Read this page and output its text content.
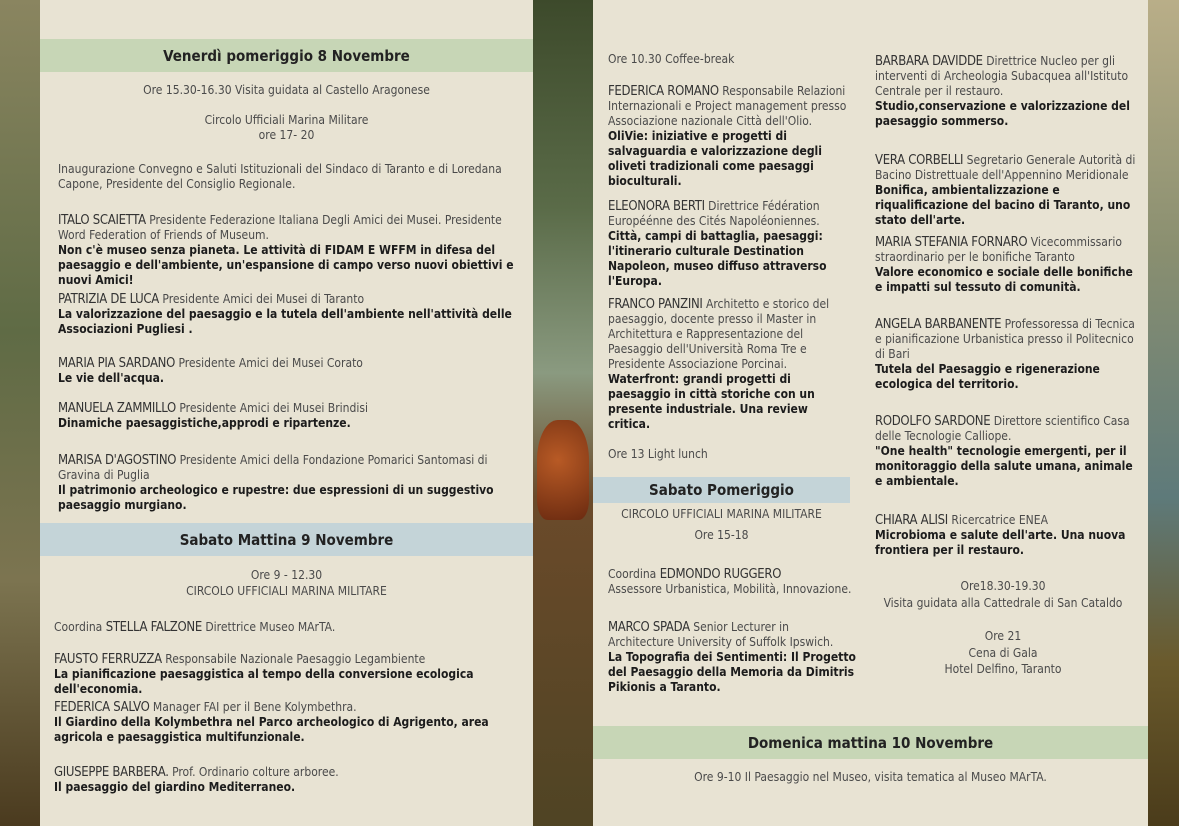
Venerdì pomeriggio 8 Novembre
Ore 15.30-16.30 Visita guidata al Castello Aragonese
Circolo Ufficiali Marina Militare
ore 17- 20
Inaugurazione Convegno e Saluti Istituzionali del Sindaco di Taranto e di Loredana Capone, Presidente del Consiglio Regionale.
ITALO SCAIETTA Presidente Federazione Italiana Degli Amici dei Musei. Presidente Word Federation of Friends of Museum.
Non c'è museo senza pianeta. Le attività di FIDAM E WFFM in difesa del paesaggio e dell'ambiente, un'espansione di campo verso nuovi obiettivi e nuovi Amici!
PATRIZIA DE LUCA Presidente Amici dei Musei di Taranto
La valorizzazione del paesaggio e la tutela dell'ambiente nell'attività delle Associazioni Pugliesi .
MARIA PIA SARDANO Presidente Amici dei Musei Corato
Le vie dell'acqua.
MANUELA ZAMMILLO Presidente Amici dei Musei Brindisi
Dinamiche paesaggistiche,approdi e ripartenze.
MARISA D'AGOSTINO Presidente Amici della Fondazione Pomarici Santomasi di Gravina di Puglia
Il patrimonio archeologico e rupestre: due espressioni di un suggestivo paesaggio murgiano.
Sabato Mattina 9 Novembre
Ore 9 - 12.30
CIRCOLO UFFICIALI MARINA MILITARE
Coordina STELLA FALZONE Direttrice Museo MArTA.
FAUSTO FERRUZZA Responsabile Nazionale Paesaggio Legambiente
La pianificazione paesaggistica al tempo della conversione ecologica dell'economia.
FEDERICA SALVO Manager FAI per il Bene Kolymbethra.
Il Giardino della Kolymbethra nel Parco archeologico di Agrigento, area agricola e paesaggistica multifunzionale.
GIUSEPPE BARBERA. Prof. Ordinario colture arboree.
Il paesaggio del giardino Mediterraneo.
Ore 10.30 Coffee-break
FEDERICA ROMANO Responsabile Relazioni Internazionali e Project management presso Associazione nazionale Città dell'Olio.
OliVie: iniziative e progetti di salvaguardia e valorizzazione degli oliveti tradizionali come paesaggi bioculturali.
ELEONORA BERTI Direttrice Fédération Européénne des Cités Napoléoniennes.
Città, campi di battaglia, paesaggi: l'itinerario culturale Destination Napoleon, museo diffuso attraverso l'Europa.
FRANCO PANZINI Architetto e storico del paesaggio, docente presso il Master in Architettura e Rappresentazione del Paesaggio dell'Università Roma Tre e Presidente Associazione Porcinai.
Waterfront: grandi progetti di paesaggio in città storiche con un presente industriale. Una review critica.
Ore 13 Light lunch
Sabato Pomeriggio
CIRCOLO UFFICIALI MARINA MILITARE
Ore 15-18
Coordina EDMONDO RUGGERO
Assessore Urbanistica, Mobilità, Innovazione.
MARCO SPADA Senior Lecturer in Architecture University of Suffolk Ipswich.
La Topografia dei Sentimenti: Il Progetto del Paesaggio della Memoria da Dimitris Pikionis a Taranto.
BARBARA DAVIDDE Direttrice Nucleo per gli interventi di Archeologia Subacquea all'Istituto Centrale per il restauro.
Studio,conservazione e valorizzazione del paesaggio sommerso.
VERA CORBELLI Segretario Generale Autorità di Bacino Distrettuale dell'Appennino Meridionale
Bonifica, ambientalizzazione e riqualificazione del bacino di Taranto, uno stato dell'arte.
MARIA STEFANIA FORNARO Vicecommissario straordinario per le bonifiche Taranto
Valore economico e sociale delle bonifiche e impatti sul tessuto di comunità.
ANGELA BARBANENTE Professoressa di Tecnica e pianificazione Urbanistica presso il Politecnico di Bari
Tutela del Paesaggio e rigenerazione ecologica del territorio.
RODOLFO SARDONE Direttore scientifico Casa delle Tecnologie Calliope.
"One health" tecnologie emergenti, per il monitoraggio della salute umana, animale e ambientale.
CHIARA ALISI Ricercatrice ENEA
Microbioma e salute dell'arte. Una nuova frontiera per il restauro.
Ore18.30-19.30
Visita guidata alla Cattedrale di San Cataldo
Ore 21
Cena di Gala
Hotel Delfino, Taranto
Domenica mattina 10 Novembre
Ore 9-10 Il Paesaggio nel Museo, visita tematica al Museo MArTA.
